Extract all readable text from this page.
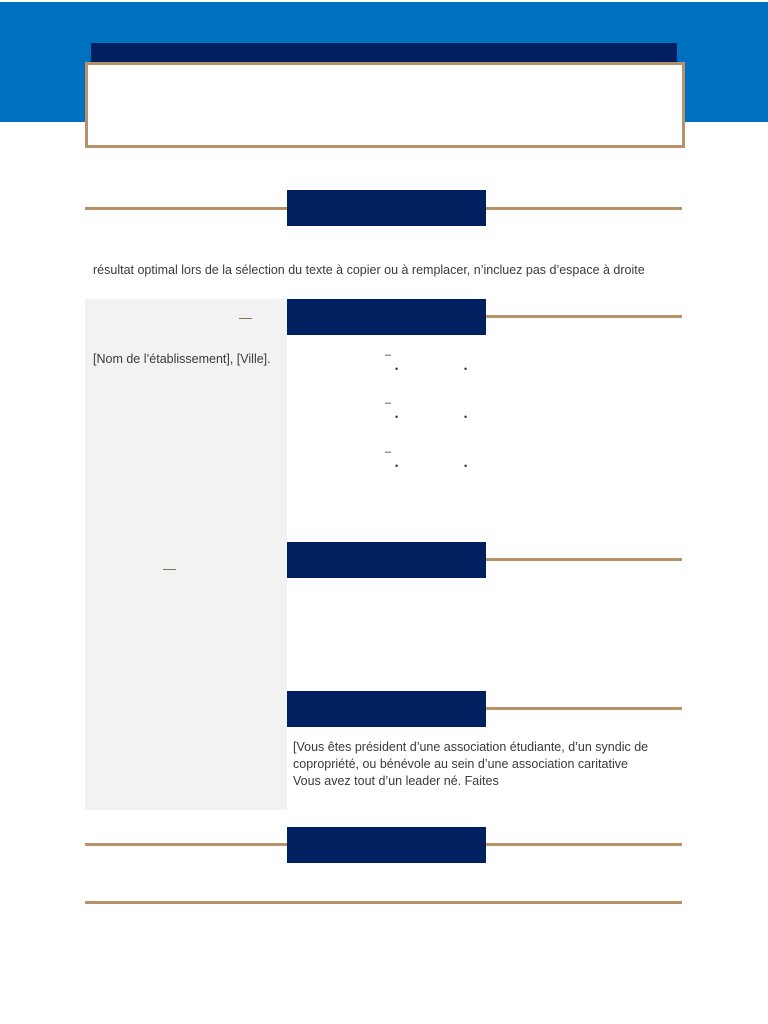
résultat optimal lors de la sélection du texte à copier ou à remplacer, n’incluez pas d’espace à droite
—
[Nom de l’établissement], [Ville].
—
–
•	•
–
•	•
–
•	•
[Vous êtes président d’une association étudiante, d’un syndic de
copropriété, ou bénévole au sein d’une association caritative
Vous avez tout d’un leader né. Faites
